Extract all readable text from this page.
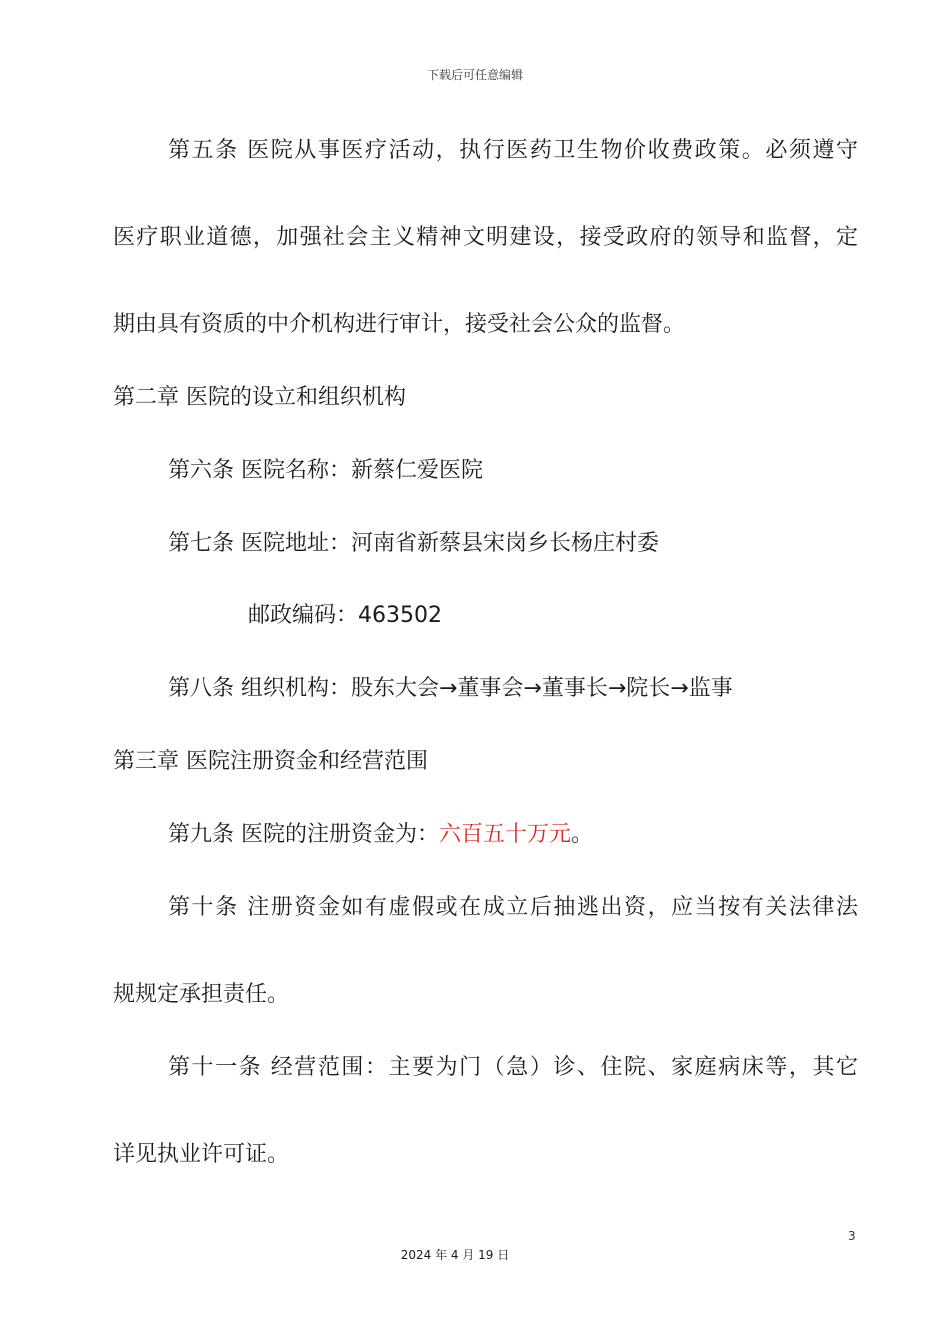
下载后可任意编辑
第五条 医院从事医疗活动，执行医药卫生物价收费政策。必须遵守
医疗职业道德，加强社会主义精神文明建设，接受政府的领导和监督，定
期由具有资质的中介机构进行审计，接受社会公众的监督。
第二章 医院的设立和组织机构
第六条 医院名称：新蔡仁爱医院
第七条 医院地址：河南省新蔡县宋岗乡长杨庄村委
邮政编码：463502
第八条 组织机构：股东大会→董事会→董事长→院长→监事
第三章 医院注册资金和经营范围
第九条 医院的注册资金为：六百五十万元。
第十条 注册资金如有虚假或在成立后抽逃出资，应当按有关法律法
规规定承担责任。
第十一条 经营范围：主要为门（急）诊、住院、家庭病床等，其它
详见执业许可证。
3
2024 年 4 月 19 日
